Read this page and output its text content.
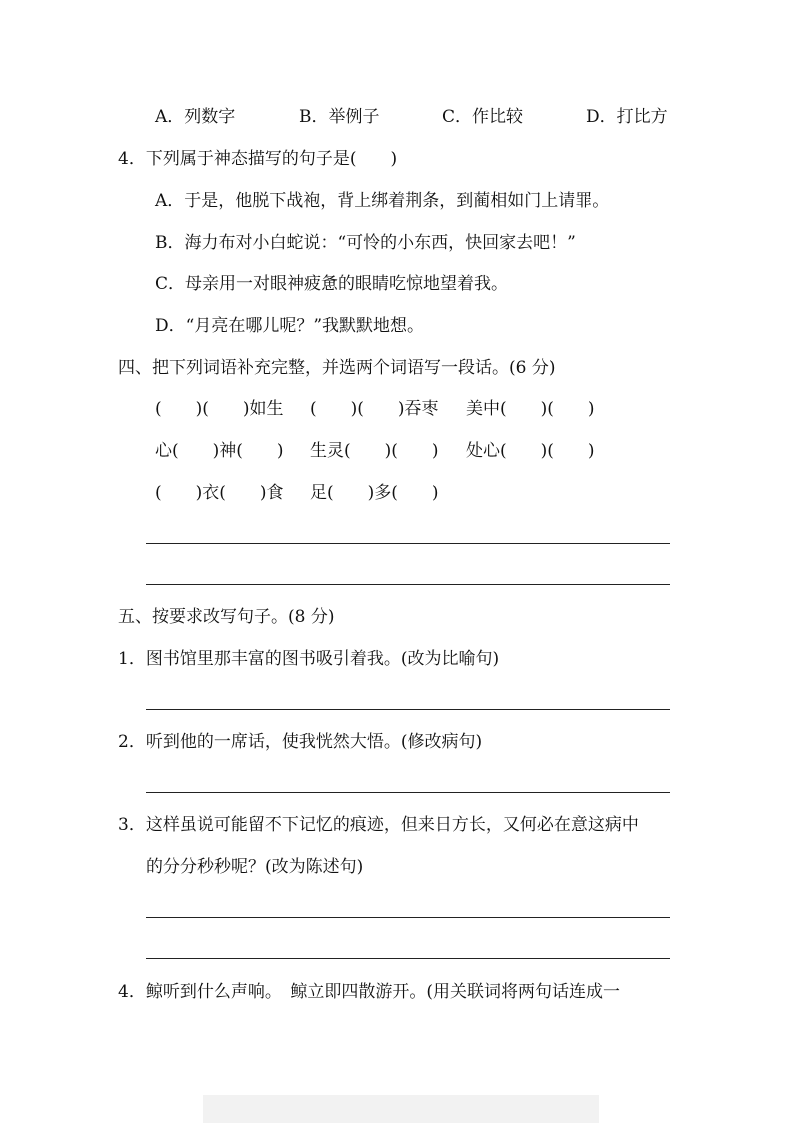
A．列数字	B．举例子	C．作比较	D．打比方
4．下列属于神态描写的句子是(　　)
A．于是，他脱下战袍，背上绑着荆条，到蔺相如门上请罪。
B．海力布对小白蛇说：“可怜的小东西，快回家去吧！”
C．母亲用一对眼神疲惫的眼睛吃惊地望着我。
D．“月亮在哪儿呢？”我默默地想。
四、把下列词语补充完整，并选两个词语写一段话。(6 分)
(　　)(　　)如生 (　　)(　　)吞枣 美中(　　)(　　)
心(　　)神(　　) 生灵(　　)(　　) 处心(　　)(　　)
(　　)衣(　　)食 足(　　)多(　　)
五、按要求改写句子。(8 分)
1．图书馆里那丰富的图书吸引着我。(改为比喻句)
2．听到他的一席话，使我恍然大悟。(修改病句)
3．这样虽说可能留不下记忆的痕迹，但来日方长，又何必在意这病中
的分分秒秒呢？(改为陈述句)
4．鲸听到什么声响。　鲸立即四散游开。(用关联词将两句话连成一
